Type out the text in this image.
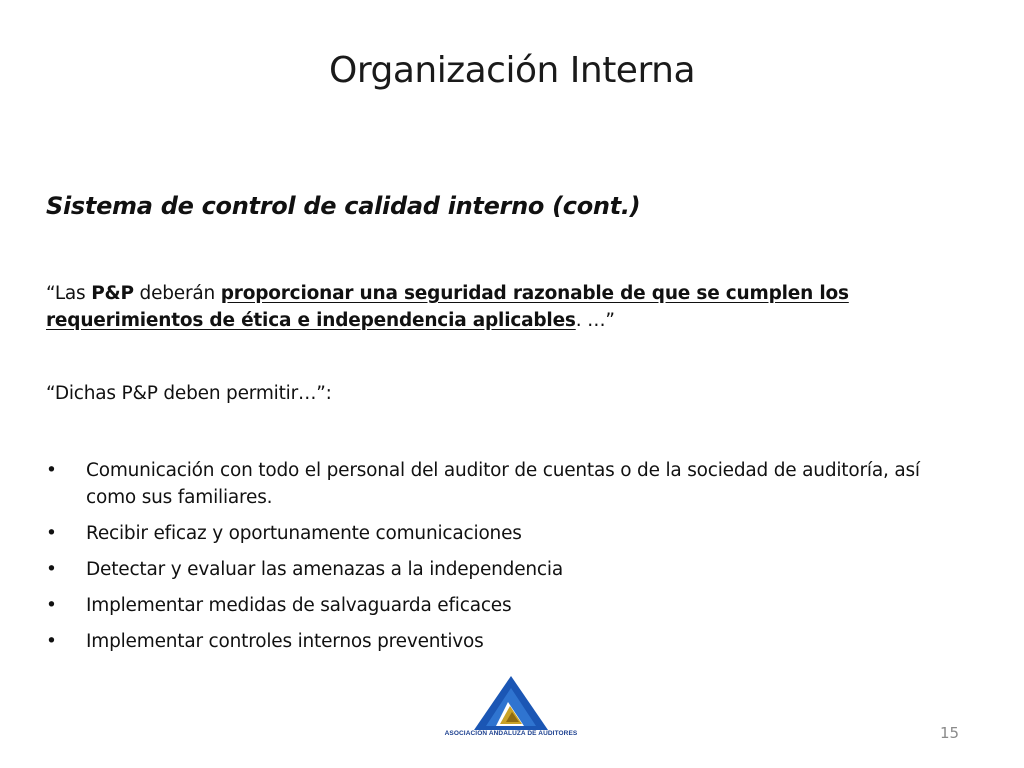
Organización Interna
Sistema de control de calidad interno (cont.)
“Las P&P deberán proporcionar una seguridad razonable de que se cumplen los requerimientos de ética e independencia aplicables. …”
“Dichas P&P deben permitir…”:
• Comunicación con todo el personal del auditor de cuentas o de la sociedad de auditoría, así como sus familiares.
• Recibir eficaz y oportunamente comunicaciones
• Detectar y evaluar las amenazas a la independencia
• Implementar medidas de salvaguarda eficaces
• Implementar controles internos preventivos
ASOCIACION ANDALUZA DE AUDITORES	15
